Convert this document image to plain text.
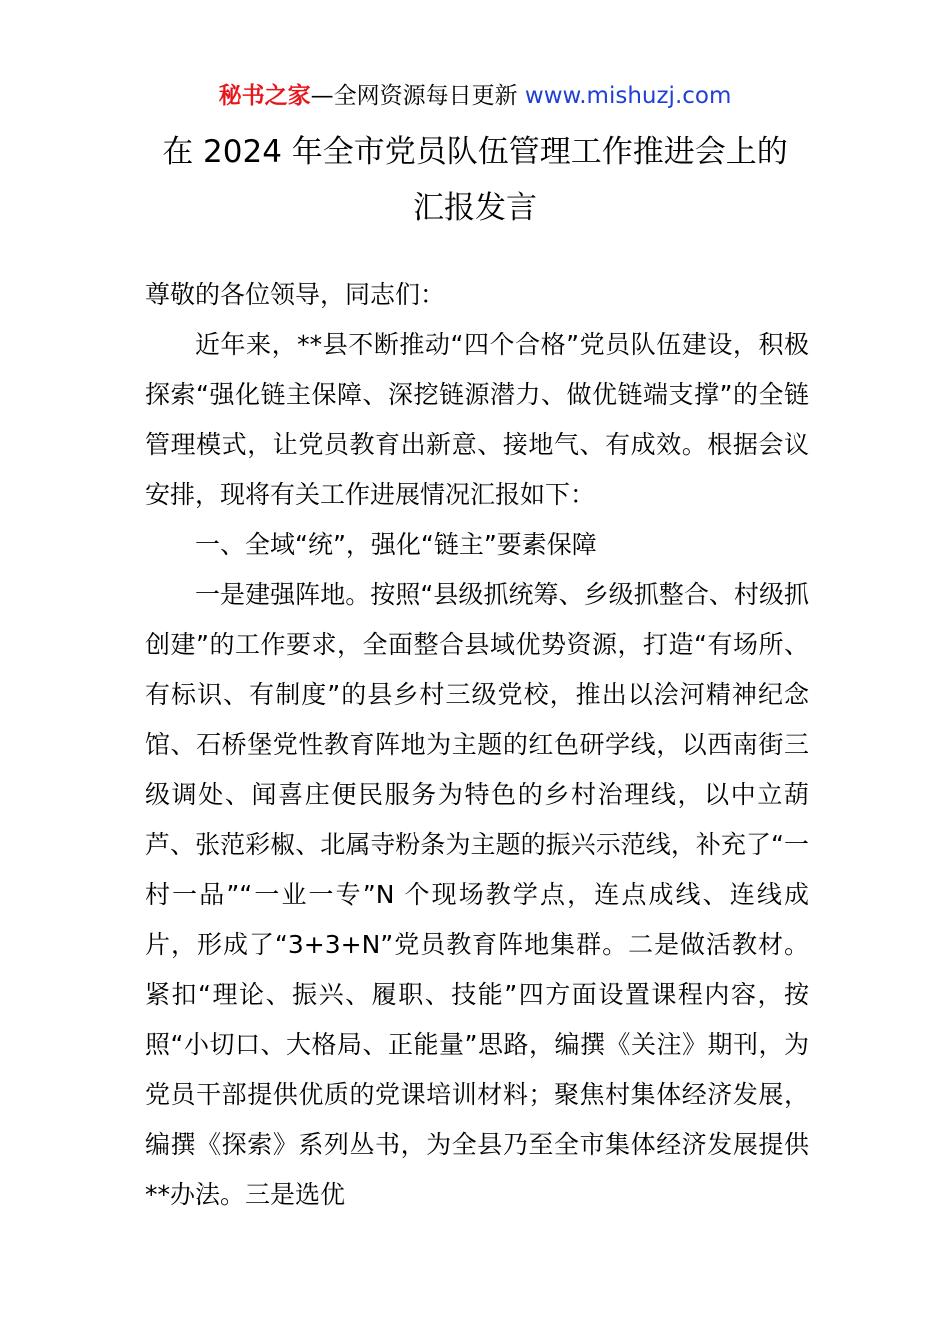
秘书之家—全网资源每日更新 www.mishuzj.com
在 2024 年全市党员队伍管理工作推进会上的
汇报发言

尊敬的各位领导，同志们：

近年来，**县不断推动“四个合格”党员队伍建设，积极探索“强化链主保障、深挖链源潜力、做优链端支撑”的全链管理模式，让党员教育出新意、接地气、有成效。根据会议安排，现将有关工作进展情况汇报如下：

一、全域“统”，强化“链主”要素保障

一是建强阵地。按照“县级抓统筹、乡级抓整合、村级抓创建”的工作要求，全面整合县域优势资源，打造“有场所、有标识、有制度”的县乡村三级党校，推出以浍河精神纪念馆、石桥堡党性教育阵地为主题的红色研学线，以西南街三级调处、闻喜庄便民服务为特色的乡村治理线，以中立葫芦、张范彩椒、北属寺粉条为主题的振兴示范线，补充了“一村一品”“一业一专”N 个现场教学点，连点成线、连线成片，形成了“3+3+N”党员教育阵地集群。二是做活教材。紧扣“理论、振兴、履职、技能”四方面设置课程内容，按照“小切口、大格局、正能量”思路，编撰《关注》期刊，为党员干部提供优质的党课培训材料；聚焦村集体经济发展，编撰《探索》系列丛书，为全县乃至全市集体经济发展提供**办法。三是选优
